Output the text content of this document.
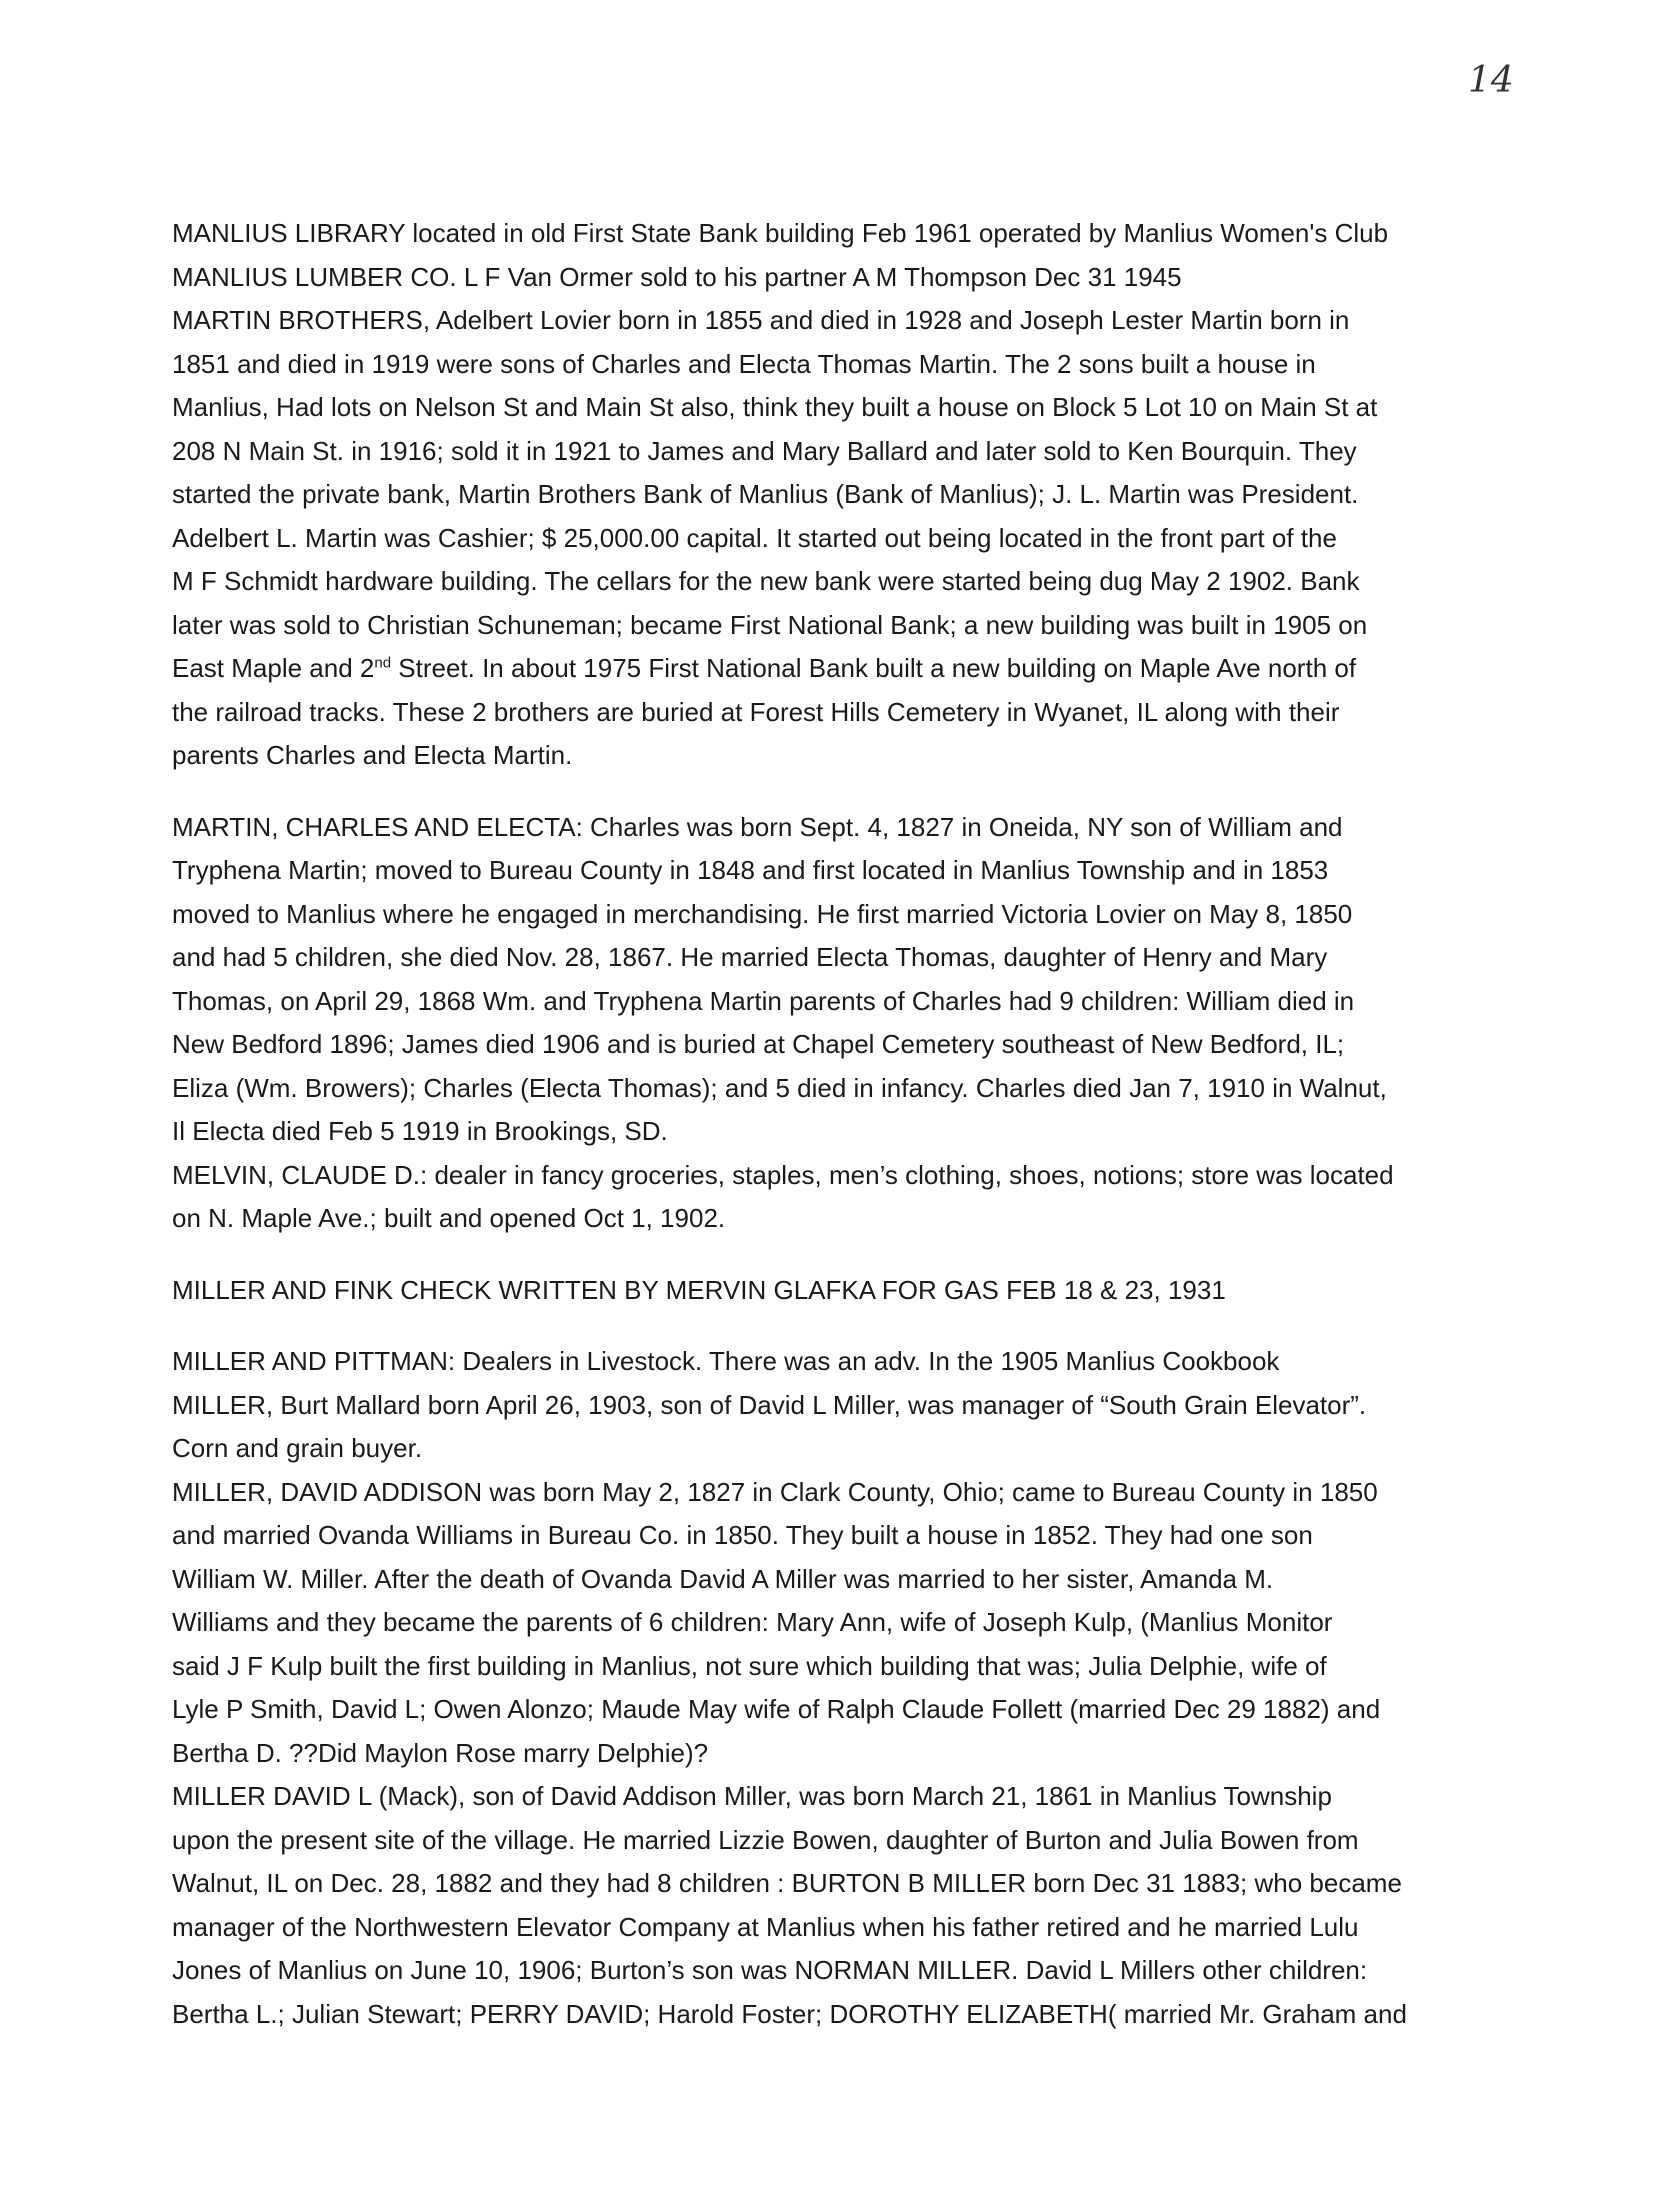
14
MANLIUS LIBRARY located in old First State Bank building Feb 1961 operated by Manlius Women's Club
MANLIUS LUMBER CO. L F Van Ormer sold to his partner A M Thompson Dec 31 1945
MARTIN BROTHERS, Adelbert Lovier born in 1855 and died in 1928 and Joseph Lester Martin born in
1851 and died in 1919 were sons of Charles and Electa Thomas Martin. The 2 sons built a house in
Manlius, Had lots on Nelson St and Main St also, think they built a house on Block 5 Lot 10 on Main St at
208 N Main St. in 1916; sold it in 1921 to James and Mary Ballard and later sold to Ken Bourquin. They
started the private bank, Martin Brothers Bank of Manlius (Bank of Manlius); J. L. Martin was President.
Adelbert L. Martin was Cashier; $ 25,000.00 capital. It started out being located in the front part of the
M F Schmidt hardware building. The cellars for the new bank were started being dug May 2 1902. Bank
later was sold to Christian Schuneman; became First National Bank; a new building was built in 1905 on
East Maple and 2nd Street. In about 1975 First National Bank built a new building on Maple Ave north of
the railroad tracks. These 2 brothers are buried at Forest Hills Cemetery in Wyanet, IL along with their
parents Charles and Electa Martin.
MARTIN, CHARLES AND ELECTA: Charles was born Sept. 4, 1827 in Oneida, NY son of William and
Tryphena Martin; moved to Bureau County in 1848 and first located in Manlius Township and in 1853
moved to Manlius where he engaged in merchandising. He first married Victoria Lovier on May 8, 1850
and had 5 children, she died Nov. 28, 1867. He married Electa Thomas, daughter of Henry and Mary
Thomas, on April 29, 1868 Wm. and Tryphena Martin parents of Charles had 9 children: William died in
New Bedford 1896; James died 1906 and is buried at Chapel Cemetery southeast of New Bedford, IL;
Eliza (Wm. Browers); Charles (Electa Thomas); and 5 died in infancy. Charles died Jan 7, 1910 in Walnut,
Il Electa died Feb 5 1919 in Brookings, SD.
MELVIN, CLAUDE D.: dealer in fancy groceries, staples, men’s clothing, shoes, notions; store was located
on N. Maple Ave.; built and opened Oct 1, 1902.
MILLER AND FINK CHECK WRITTEN BY MERVIN GLAFKA FOR GAS FEB 18 & 23, 1931
MILLER AND PITTMAN: Dealers in Livestock. There was an adv. In the 1905 Manlius Cookbook
MILLER, Burt Mallard born April 26, 1903, son of David L Miller, was manager of “South Grain Elevator”.
Corn and grain buyer.
MILLER, DAVID ADDISON was born May 2, 1827 in Clark County, Ohio; came to Bureau County in 1850
and married Ovanda Williams in Bureau Co. in 1850. They built a house in 1852. They had one son
William W. Miller. After the death of Ovanda David A Miller was married to her sister, Amanda M.
Williams and they became the parents of 6 children: Mary Ann, wife of Joseph Kulp, (Manlius Monitor
said J F Kulp built the first building in Manlius, not sure which building that was; Julia Delphie, wife of
Lyle P Smith, David L; Owen Alonzo; Maude May wife of Ralph Claude Follett (married Dec 29 1882) and
Bertha D. ??Did Maylon Rose marry Delphie)?
MILLER DAVID L (Mack), son of David Addison Miller, was born March 21, 1861 in Manlius Township
upon the present site of the village. He married Lizzie Bowen, daughter of Burton and Julia Bowen from
Walnut, IL on Dec. 28, 1882 and they had 8 children : BURTON B MILLER born Dec 31 1883; who became
manager of the Northwestern Elevator Company at Manlius when his father retired and he married Lulu
Jones of Manlius on June 10, 1906; Burton’s son was NORMAN MILLER. David L Millers other children:
Bertha L.; Julian Stewart; PERRY DAVID; Harold Foster; DOROTHY ELIZABETH( married Mr. Graham and
